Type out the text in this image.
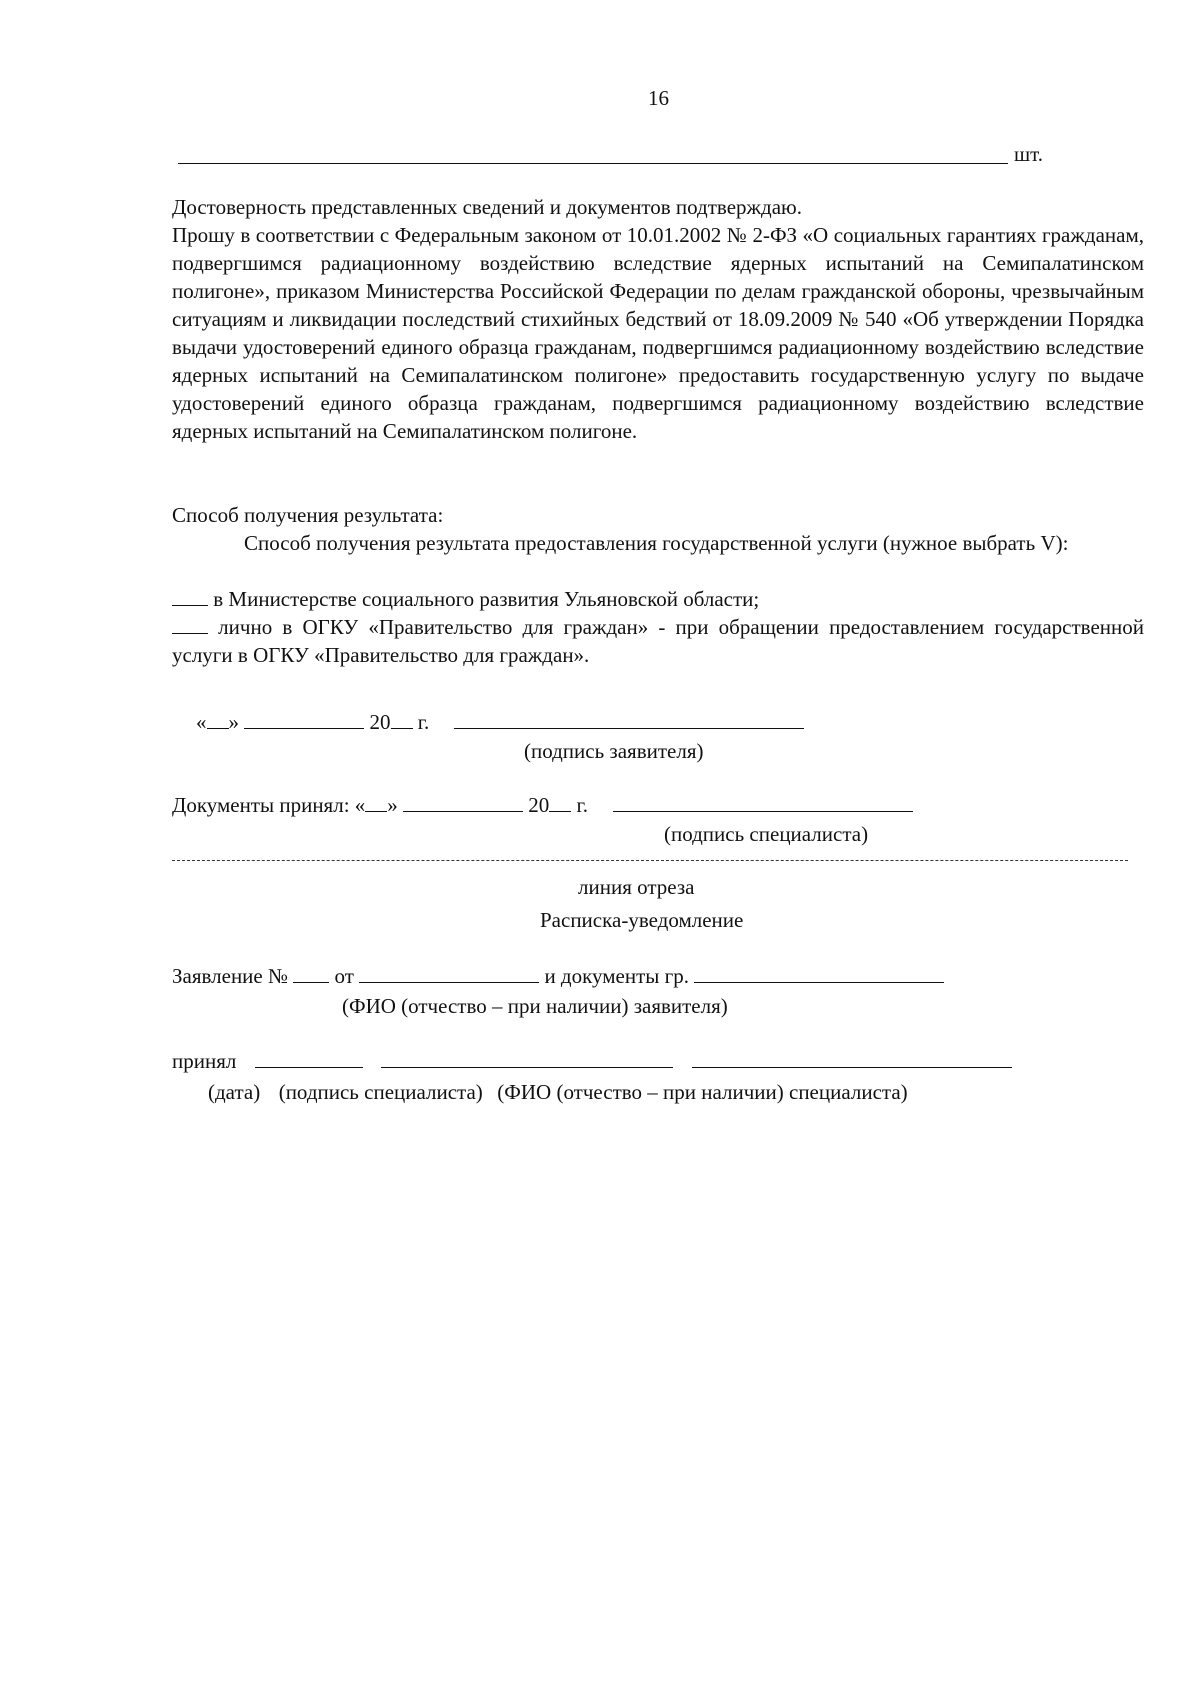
16
шт.

Достоверность представленных сведений и документов подтверждаю.

Прошу в соответствии с Федеральным законом от 10.01.2002 № 2-ФЗ «О социальных гарантиях гражданам, подвергшимся радиационному воздействию вследствие ядерных испытаний на Семипалатинском полигоне», приказом Министерства Российской Федерации по делам гражданской обороны, чрезвычайным ситуациям и ликвидации последствий стихийных бедствий от 18.09.2009 № 540 «Об утверждении Порядка выдачи удостоверений единого образца гражданам, подвергшимся радиационному воздействию вследствие ядерных испытаний на Семипалатинском полигоне» предоставить государственную услугу по выдаче удостоверений единого образца гражданам, подвергшимся радиационному воздействию вследствие ядерных испытаний на Семипалатинском полигоне.

Способ получения результата:
Способ получения результата предоставления государственной услуги (нужное выбрать V):
в Министерстве социального развития Ульяновской области;
лично в ОГКУ «Правительство для граждан» - при обращении предоставлением государственной услуги в ОГКУ «Правительство для граждан».
« »	20 г.
(подпись заявителя)
Документы принял: « »	20 г.
(подпись специалиста)
линия отреза
Расписка-уведомление
Заявление № от	и документы гр.
(ФИО (отчество – при наличии) заявителя)
принял
(дата) (подпись специалиста) (ФИО (отчество – при наличии) специалиста)
